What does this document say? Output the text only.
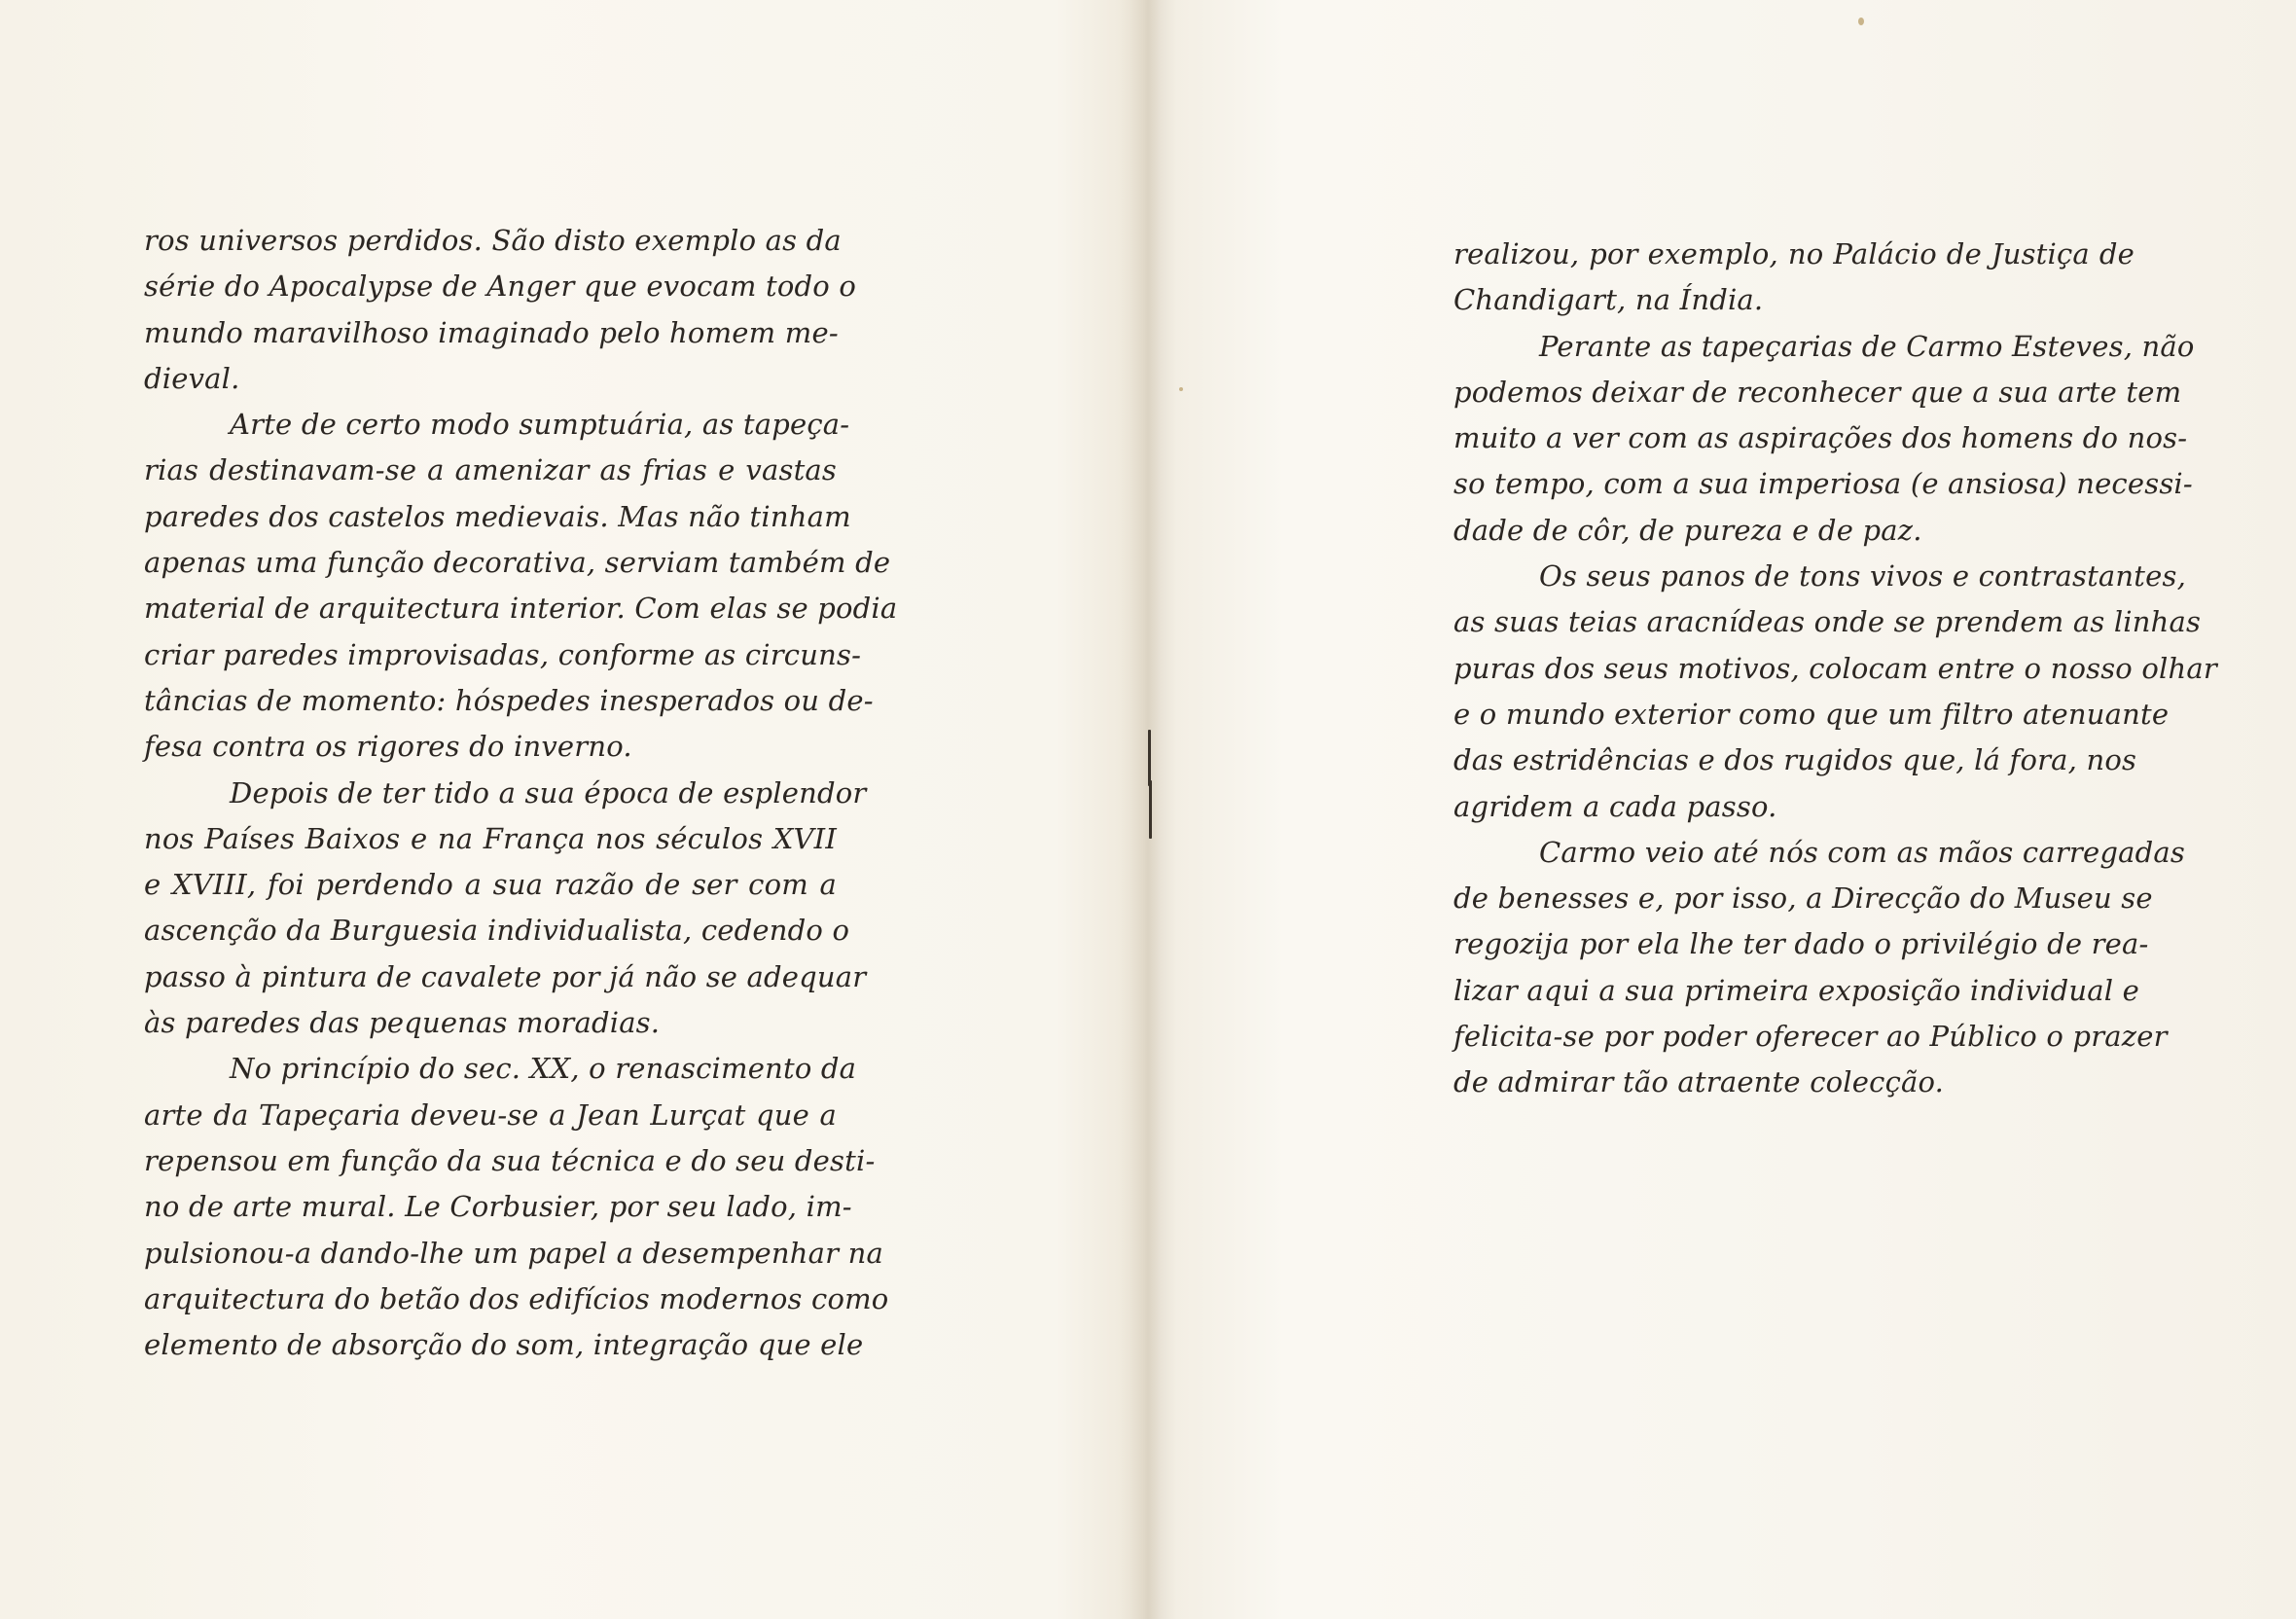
ros universos perdidos. São disto exemplo as da
série do Apocalypse de Anger que evocam todo o
mundo maravilhoso imaginado pelo homem me-
dieval.
Arte de certo modo sumptuária, as tapeça-
rias destinavam-se a amenizar as frias e vastas
paredes dos castelos medievais. Mas não tinham
apenas uma função decorativa, serviam também de
material de arquitectura interior. Com elas se podia
criar paredes improvisadas, conforme as circuns-
tâncias de momento: hóspedes inesperados ou de-
fesa contra os rigores do inverno.
Depois de ter tido a sua época de esplendor
nos Países Baixos e na França nos séculos XVII
e XVIII, foi perdendo a sua razão de ser com a
ascenção da Burguesia individualista, cedendo o
passo à pintura de cavalete por já não se adequar
às paredes das pequenas moradias.
No princípio do sec. XX, o renascimento da
arte da Tapeçaria deveu-se a Jean Lurçat que a
repensou em função da sua técnica e do seu desti-
no de arte mural. Le Corbusier, por seu lado, im-
pulsionou-a dando-lhe um papel a desempenhar na
arquitectura do betão dos edifícios modernos como
elemento de absorção do som, integração que ele
realizou, por exemplo, no Palácio de Justiça de
Chandigart, na Índia.
Perante as tapeçarias de Carmo Esteves, não
podemos deixar de reconhecer que a sua arte tem
muito a ver com as aspirações dos homens do nos-
so tempo, com a sua imperiosa (e ansiosa) necessi-
dade de côr, de pureza e de paz.
Os seus panos de tons vivos e contrastantes,
as suas teias aracnídeas onde se prendem as linhas
puras dos seus motivos, colocam entre o nosso olhar
e o mundo exterior como que um filtro atenuante
das estridências e dos rugidos que, lá fora, nos
agridem a cada passo.
Carmo veio até nós com as mãos carregadas
de benesses e, por isso, a Direcção do Museu se
regozija por ela lhe ter dado o privilégio de rea-
lizar aqui a sua primeira exposição individual e
felicita-se por poder oferecer ao Público o prazer
de admirar tão atraente colecção.
